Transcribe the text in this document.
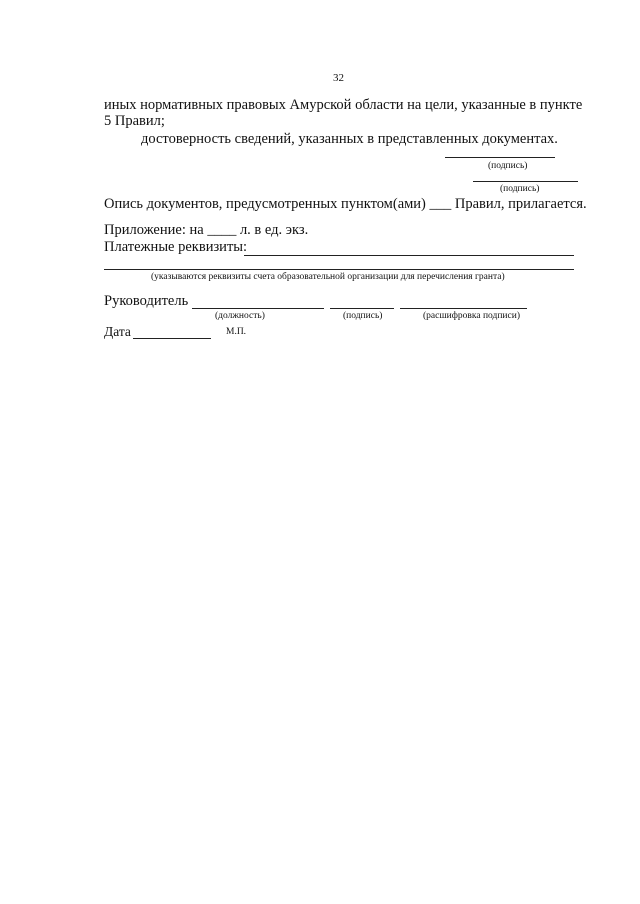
32
иных нормативных правовых Амурской области на цели, указанные в пункте
5 Правил;
достоверность сведений, указанных в представленных документах.
(подпись)
(подпись)
Опись документов, предусмотренных пунктом(ами) ___ Правил, прилагается.
Приложение: на ____ л. в ед. экз.
Платежные реквизиты:
(указываются реквизиты счета образовательной организации для перечисления гранта)
Руководитель
(должность)	(подпись)	(расшифровка подписи)
Дата	М.П.
